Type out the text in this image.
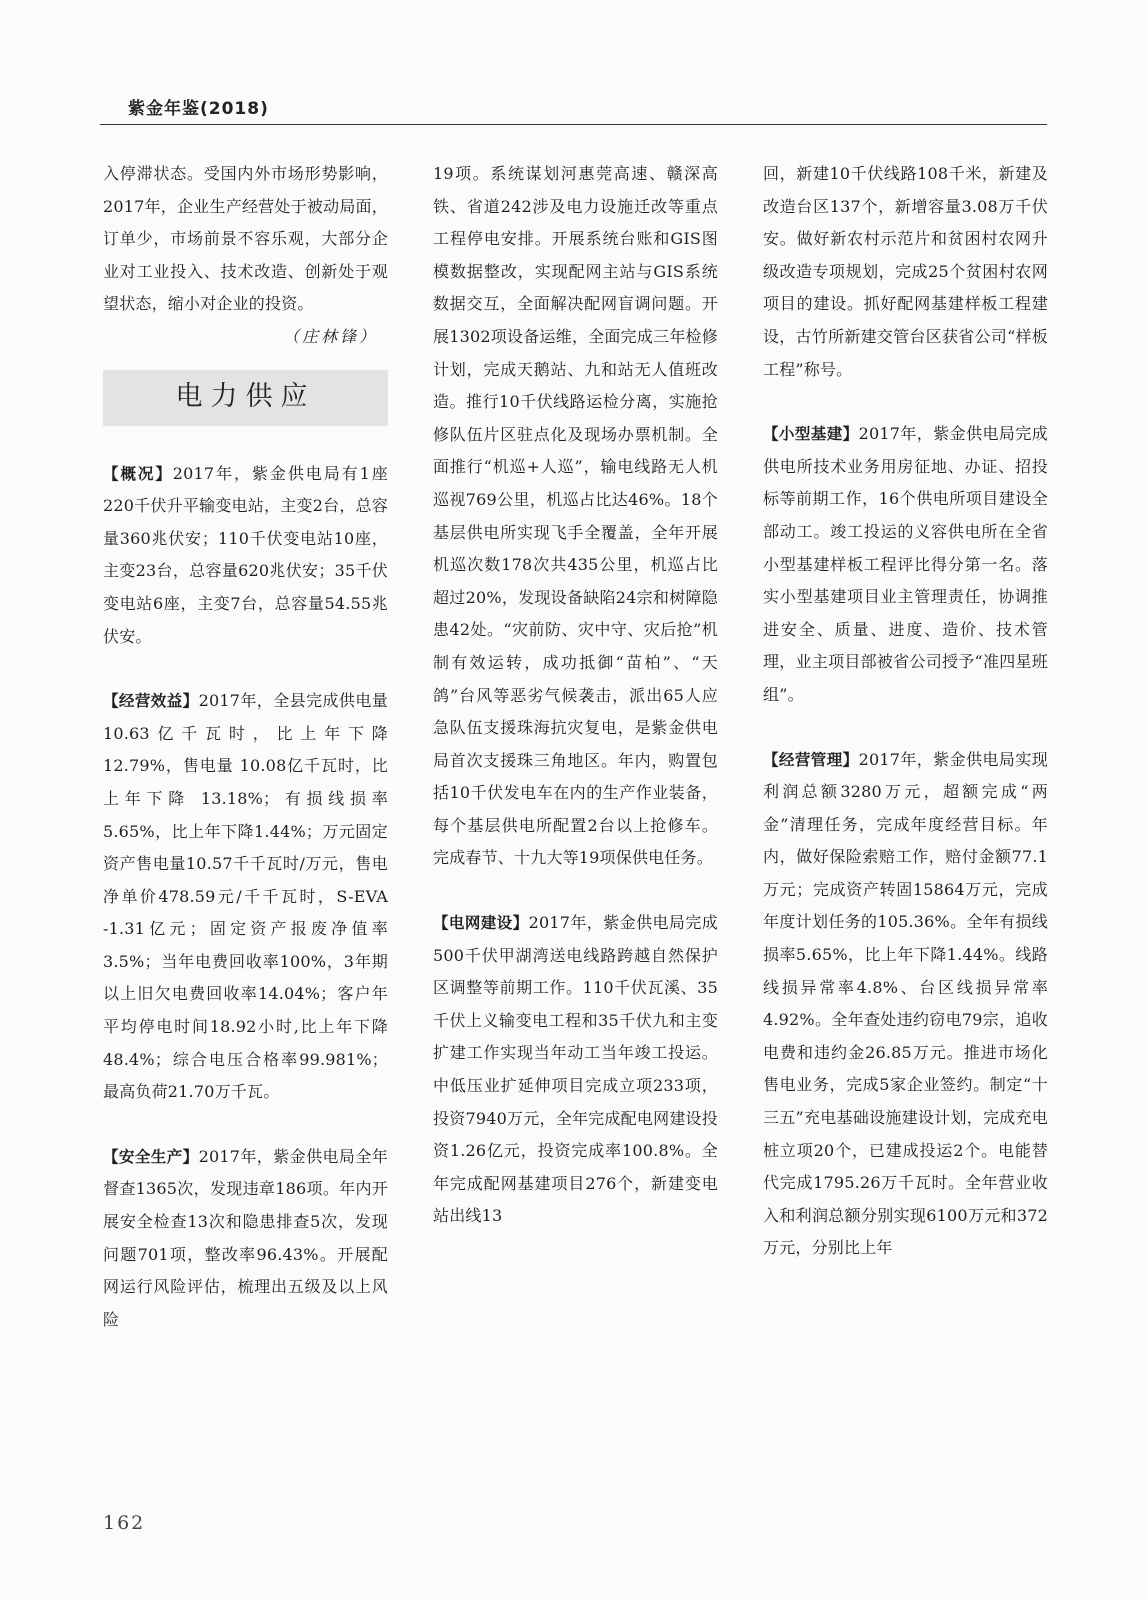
紫金年鉴(2018)

入停滞状态。受国内外市场形势影响，2017年，企业生产经营处于被动局面，订单少，市场前景不容乐观，大部分企业对工业投入、技术改造、创新处于观望状态，缩小对企业的投资。

（庄林锋）

电力供应

【概况】2017年，紫金供电局有1座220千伏升平输变电站，主变2台，总容量360兆伏安；110千伏变电站10座，主变23台，总容量620兆伏安；35千伏变电站6座，主变7台，总容量54.55兆伏安。

【经营效益】2017年，全县完成供电量 10.63亿千瓦时，比上年下降12.79%，售电量 10.08亿千瓦时，比上年下降 13.18%；有损线损率5.65%，比上年下降1.44%；万元固定资产售电量10.57千千瓦时/万元，售电净单价478.59元/千千瓦时，S-EVA -1.31亿元；固定资产报废净值率3.5%；当年电费回收率100%，3年期以上旧欠电费回收率14.04%；客户年平均停电时间18.92小时,比上年下降48.4%；综合电压合格率99.981%；最高负荷21.70万千瓦。

【安全生产】2017年，紫金供电局全年督查1365次，发现违章186项。年内开展安全检查13次和隐患排查5次，发现问题701项，整改率96.43%。开展配网运行风险评估，梳理出五级及以上风险

19项。系统谋划河惠莞高速、赣深高铁、省道242涉及电力设施迁改等重点工程停电安排。开展系统台账和GIS图模数据整改，实现配网主站与GIS系统数据交互，全面解决配网盲调问题。开展1302项设备运维，全面完成三年检修计划，完成天鹅站、九和站无人值班改造。推行10千伏线路运检分离，实施抢修队伍片区驻点化及现场办票机制。全面推行“机巡+人巡”，输电线路无人机巡视769公里，机巡占比达46%。18个基层供电所实现飞手全覆盖，全年开展机巡次数178次共435公里，机巡占比超过20%，发现设备缺陷24宗和树障隐患42处。“灾前防、灾中守、灾后抢”机制有效运转，成功抵御“苗柏”、“天鸽”台风等恶劣气候袭击，派出65人应急队伍支援珠海抗灾复电，是紫金供电局首次支援珠三角地区。年内，购置包括10千伏发电车在内的生产作业装备，每个基层供电所配置2台以上抢修车。完成春节、十九大等19项保供电任务。

【电网建设】2017年，紫金供电局完成500千伏甲湖湾送电线路跨越自然保护区调整等前期工作。110千伏瓦溪、35千伏上义输变电工程和35千伏九和主变扩建工作实现当年动工当年竣工投运。中低压业扩延伸项目完成立项233项，投资7940万元，全年完成配电网建设投资1.26亿元，投资完成率100.8%。全年完成配网基建项目276个，新建变电站出线13

回，新建10千伏线路108千米，新建及改造台区137个，新增容量3.08万千伏安。做好新农村示范片和贫困村农网升级改造专项规划，完成25个贫困村农网项目的建设。抓好配网基建样板工程建设，古竹所新建交管台区获省公司“样板工程”称号。

【小型基建】2017年，紫金供电局完成供电所技术业务用房征地、办证、招投标等前期工作，16个供电所项目建设全部动工。竣工投运的义容供电所在全省小型基建样板工程评比得分第一名。落实小型基建项目业主管理责任，协调推进安全、质量、进度、造价、技术管理，业主项目部被省公司授予“准四星班组”。

【经营管理】2017年，紫金供电局实现利润总额3280万元，超额完成“两金”清理任务，完成年度经营目标。年内，做好保险索赔工作，赔付金额77.1万元；完成资产转固15864万元，完成年度计划任务的105.36%。全年有损线损率5.65%，比上年下降1.44%。线路线损异常率4.8%、台区线损异常率4.92%。全年查处违约窃电79宗，追收电费和违约金26.85万元。推进市场化售电业务，完成5家企业签约。制定“十三五”充电基础设施建设计划，完成充电桩立项20个，已建成投运2个。电能替代完成1795.26万千瓦时。全年营业收入和利润总额分别实现6100万元和372万元，分别比上年

162
